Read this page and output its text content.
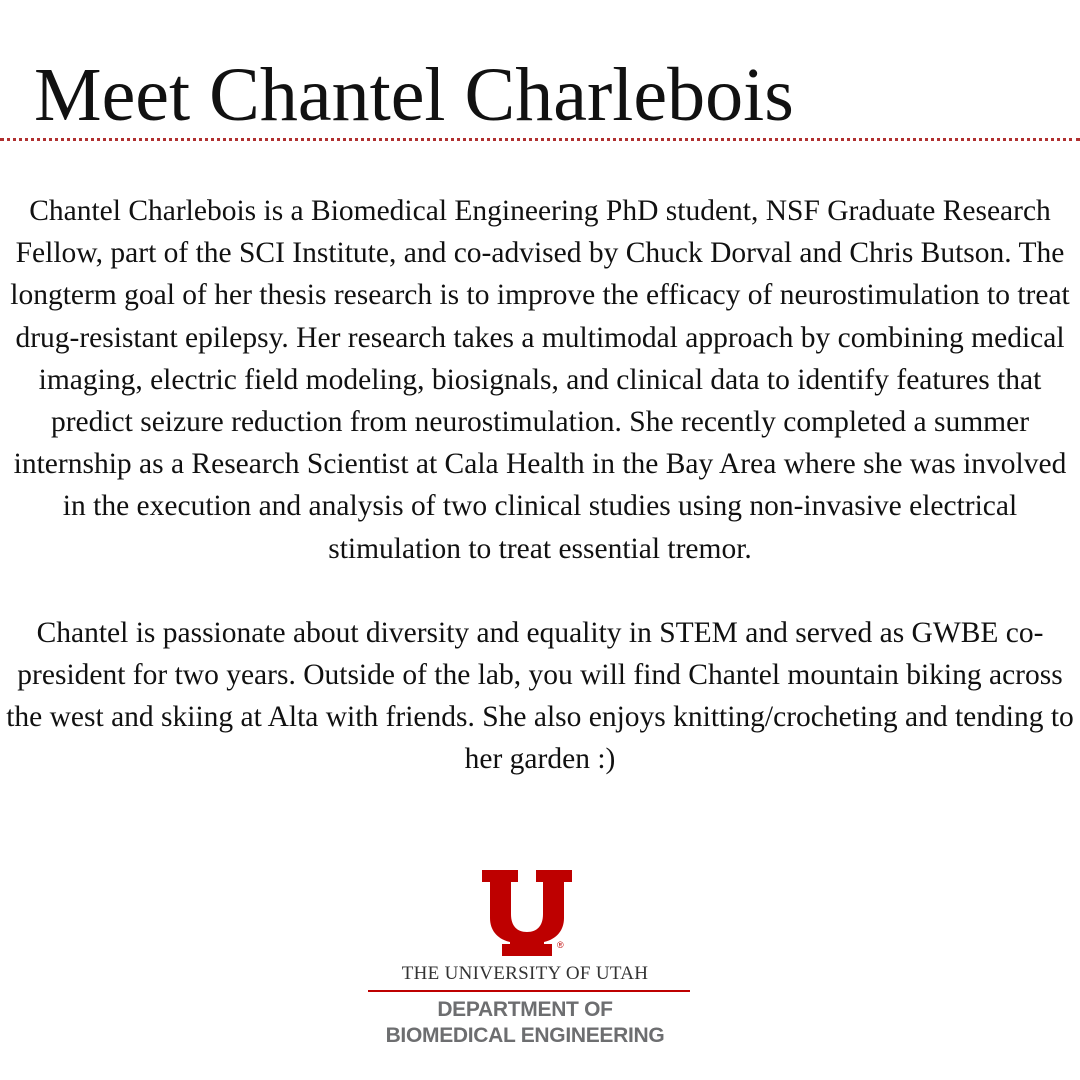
Meet Chantel Charlebois

Chantel Charlebois is a Biomedical Engineering PhD student, NSF Graduate Research Fellow, part of the SCI Institute, and co-advised by Chuck Dorval and Chris Butson. The longterm goal of her thesis research is to improve the efficacy of neurostimulation to treat drug-resistant epilepsy. Her research takes a multimodal approach by combining medical imaging, electric field modeling, biosignals, and clinical data to identify features that predict seizure reduction from neurostimulation. She recently completed a summer internship as a Research Scientist at Cala Health in the Bay Area where she was involved in the execution and analysis of two clinical studies using non-invasive electrical stimulation to treat essential tremor.

Chantel is passionate about diversity and equality in STEM and served as GWBE co-president for two years. Outside of the lab, you will find Chantel mountain biking across the west and skiing at Alta with friends. She also enjoys knitting/crocheting and tending to her garden :)

®
THE UNIVERSITY OF UTAH
DEPARTMENT OF
BIOMEDICAL ENGINEERING
